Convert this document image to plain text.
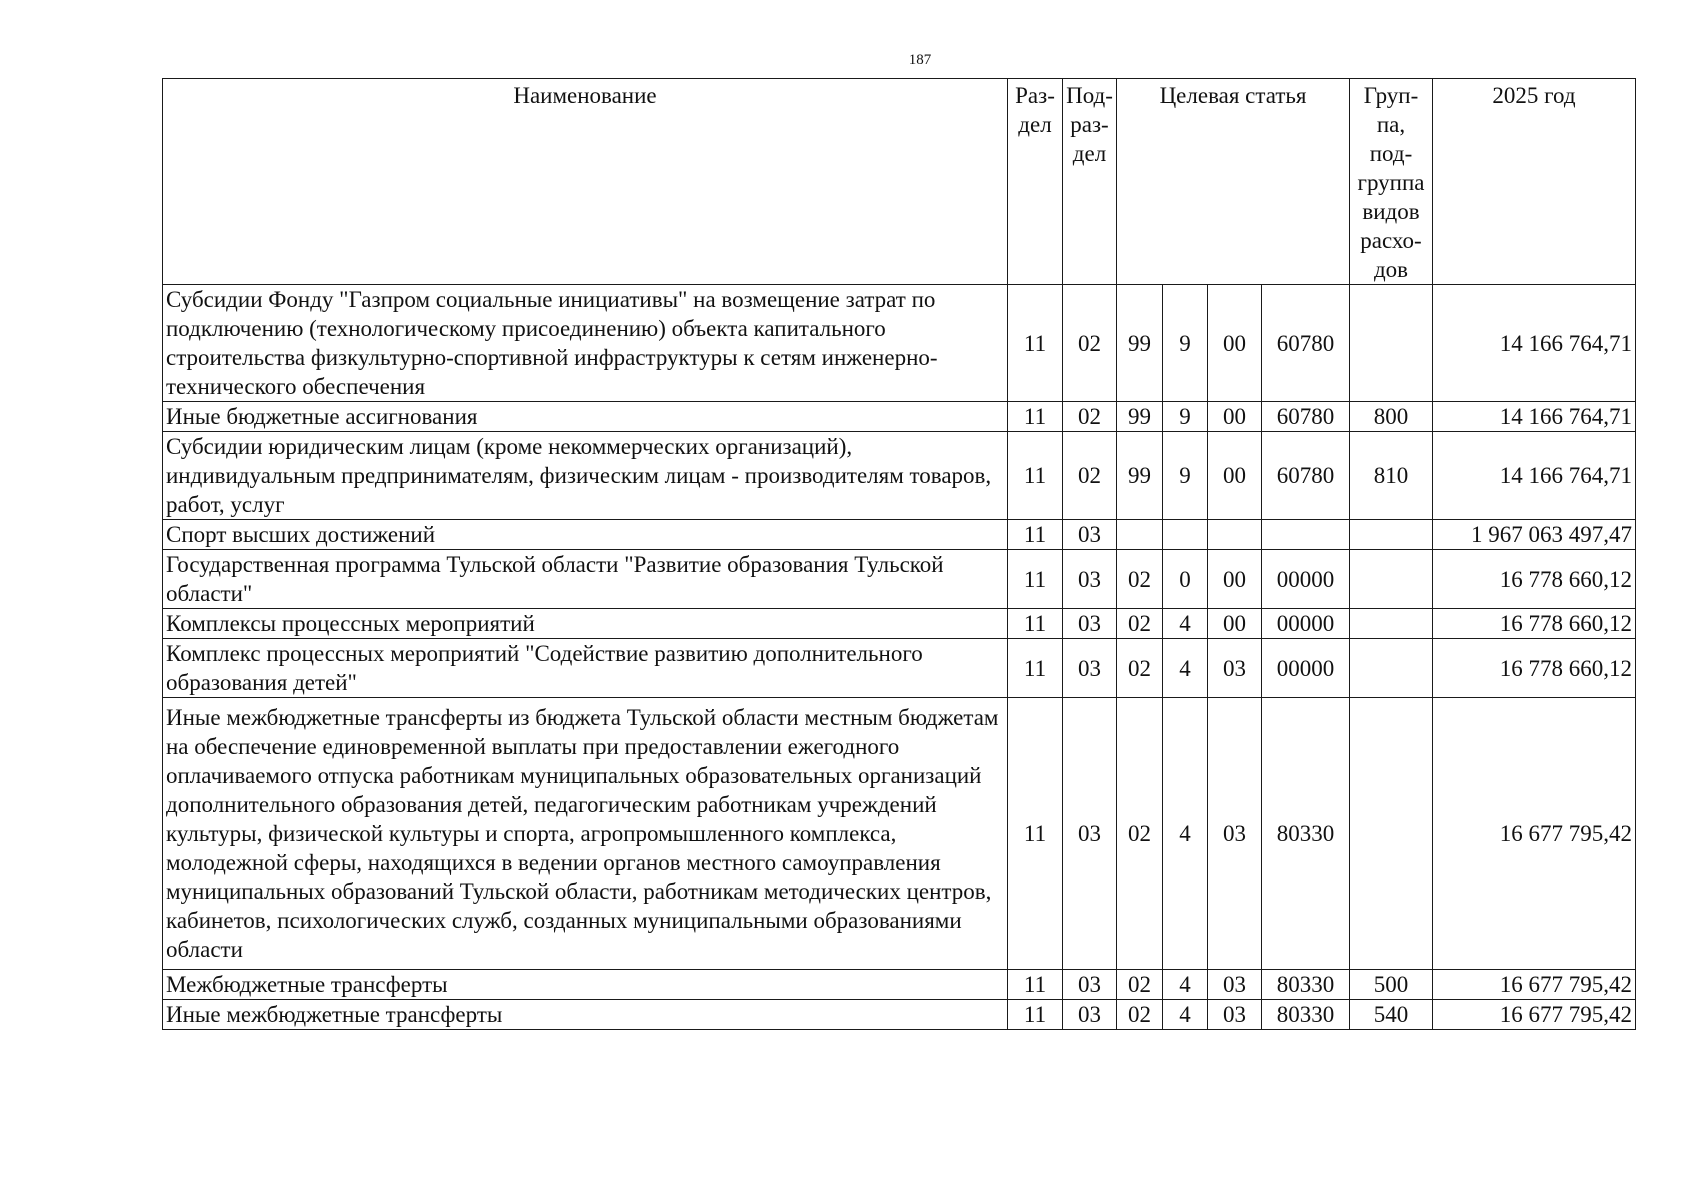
187
Наименование	Раз- дел	Под- раз- дел	Целевая статья				Груп- па, под- группа видов расхо- дов	2025 год
Субсидии Фонду "Газпром социальные инициативы" на возмещение затрат по подключению (технологическому присоединению) объекта капитального строительства физкультурно-спортивной инфраструктуры к сетям инженерно-технического обеспечения	11	02	99	9	00	60780		14 166 764,71
Иные бюджетные ассигнования	11	02	99	9	00	60780	800	14 166 764,71
Субсидии юридическим лицам (кроме некоммерческих организаций), индивидуальным предпринимателям, физическим лицам - производителям товаров, работ, услуг	11	02	99	9	00	60780	810	14 166 764,71
Спорт высших достижений	11	03						1 967 063 497,47
Государственная программа Тульской области "Развитие образования Тульской области"	11	03	02	0	00	00000		16 778 660,12
Комплексы процессных мероприятий	11	03	02	4	00	00000		16 778 660,12
Комплекс процессных мероприятий "Содействие развитию дополнительного образования детей"	11	03	02	4	03	00000		16 778 660,12
Иные межбюджетные трансферты из бюджета Тульской области местным бюджетам на обеспечение единовременной выплаты при предоставлении ежегодного оплачиваемого отпуска работникам муниципальных образовательных организаций дополнительного образования детей, педагогическим работникам учреждений культуры, физической культуры и спорта, агропромышленного комплекса, молодежной сферы, находящихся в ведении органов местного самоуправления муниципальных образований Тульской области, работникам методических центров, кабинетов, психологических служб, созданных муниципальными образованиями области	11	03	02	4	03	80330		16 677 795,42
Межбюджетные трансферты	11	03	02	4	03	80330	500	16 677 795,42
Иные межбюджетные трансферты	11	03	02	4	03	80330	540	16 677 795,42
